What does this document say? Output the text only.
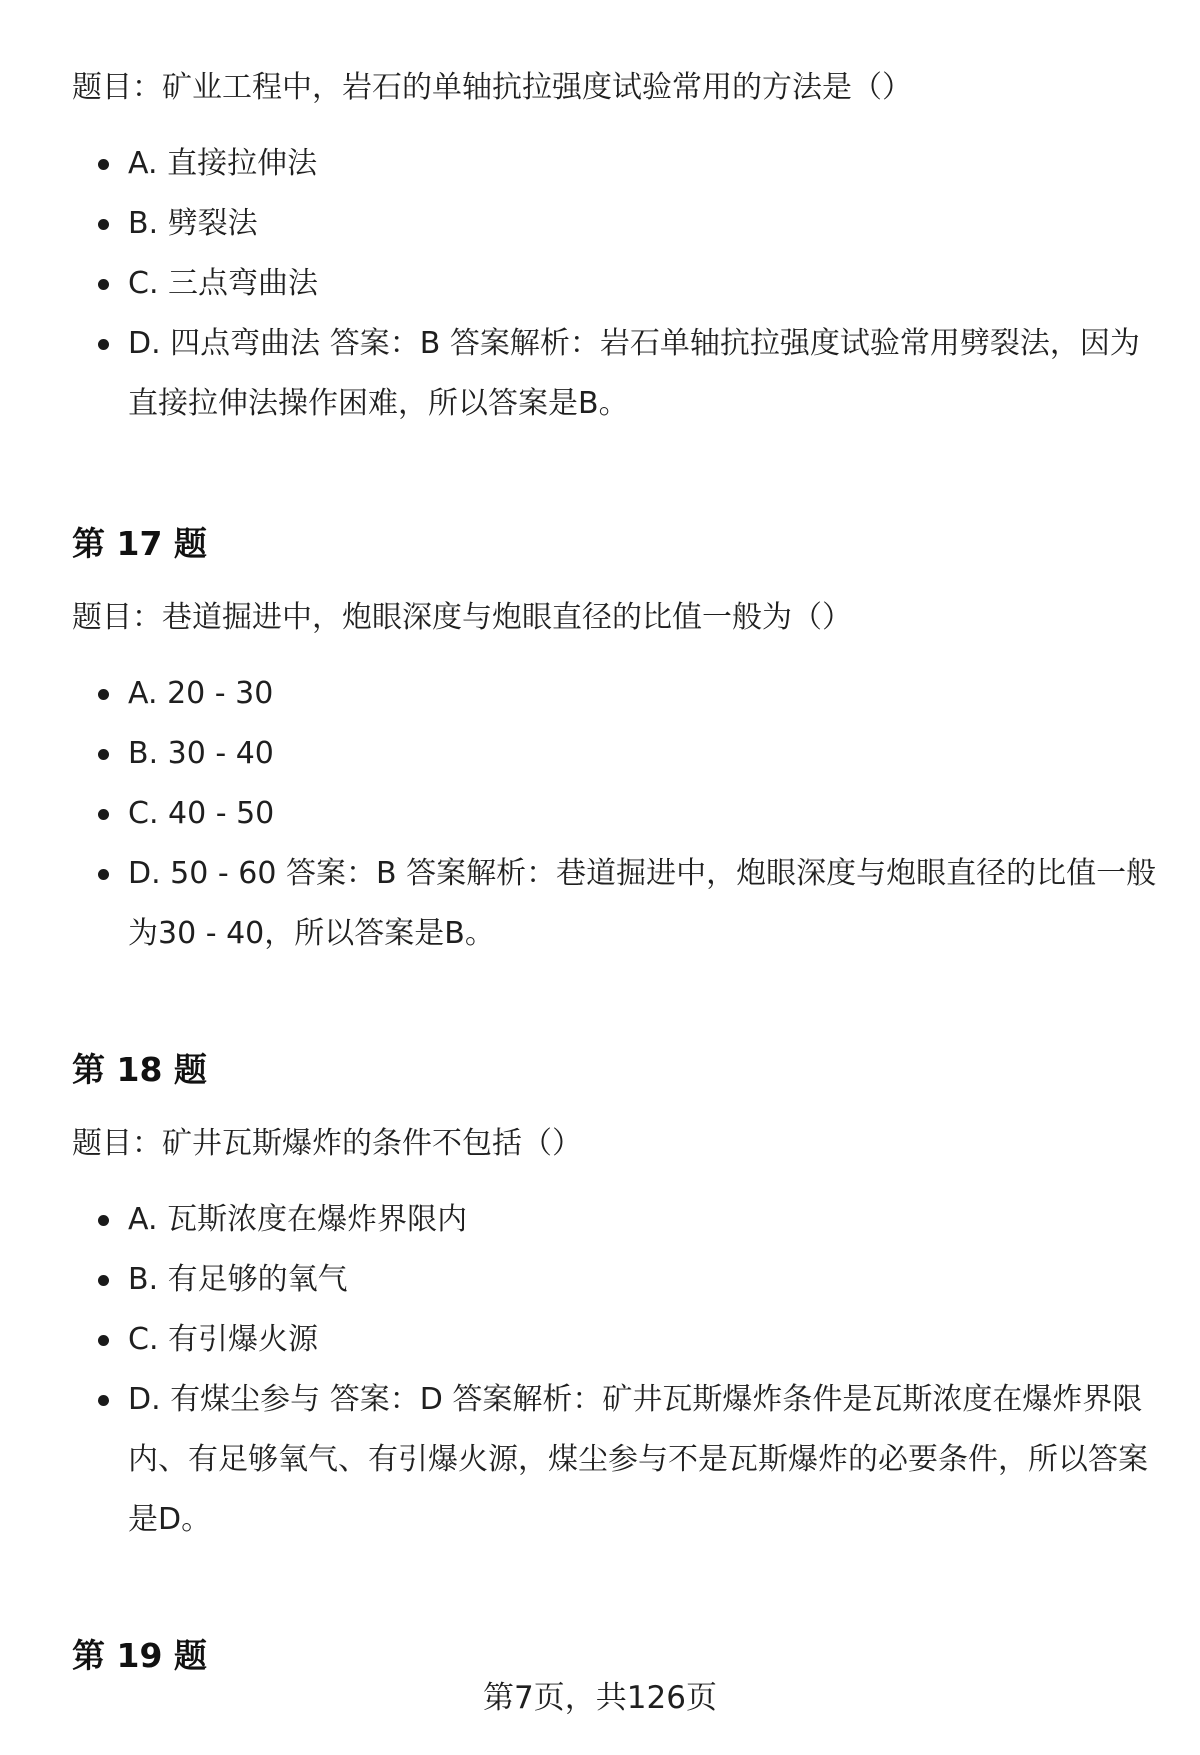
题目：矿业工程中，岩石的单轴抗拉强度试验常用的方法是（）

A. 直接拉伸法
B. 劈裂法
C. 三点弯曲法
D. 四点弯曲法 答案：B 答案解析：岩石单轴抗拉强度试验常用劈裂法，因为直接拉伸法操作困难，所以答案是B。
第 17 题

题目：巷道掘进中，炮眼深度与炮眼直径的比值一般为（）

A. 20 - 30
B. 30 - 40
C. 40 - 50
D. 50 - 60 答案：B 答案解析：巷道掘进中，炮眼深度与炮眼直径的比值一般为30 - 40，所以答案是B。
第 18 题

题目：矿井瓦斯爆炸的条件不包括（）

A. 瓦斯浓度在爆炸界限内
B. 有足够的氧气
C. 有引爆火源
D. 有煤尘参与 答案：D 答案解析：矿井瓦斯爆炸条件是瓦斯浓度在爆炸界限内、有足够氧气、有引爆火源，煤尘参与不是瓦斯爆炸的必要条件，所以答案是D。
第 19 题
第7页，共126页
